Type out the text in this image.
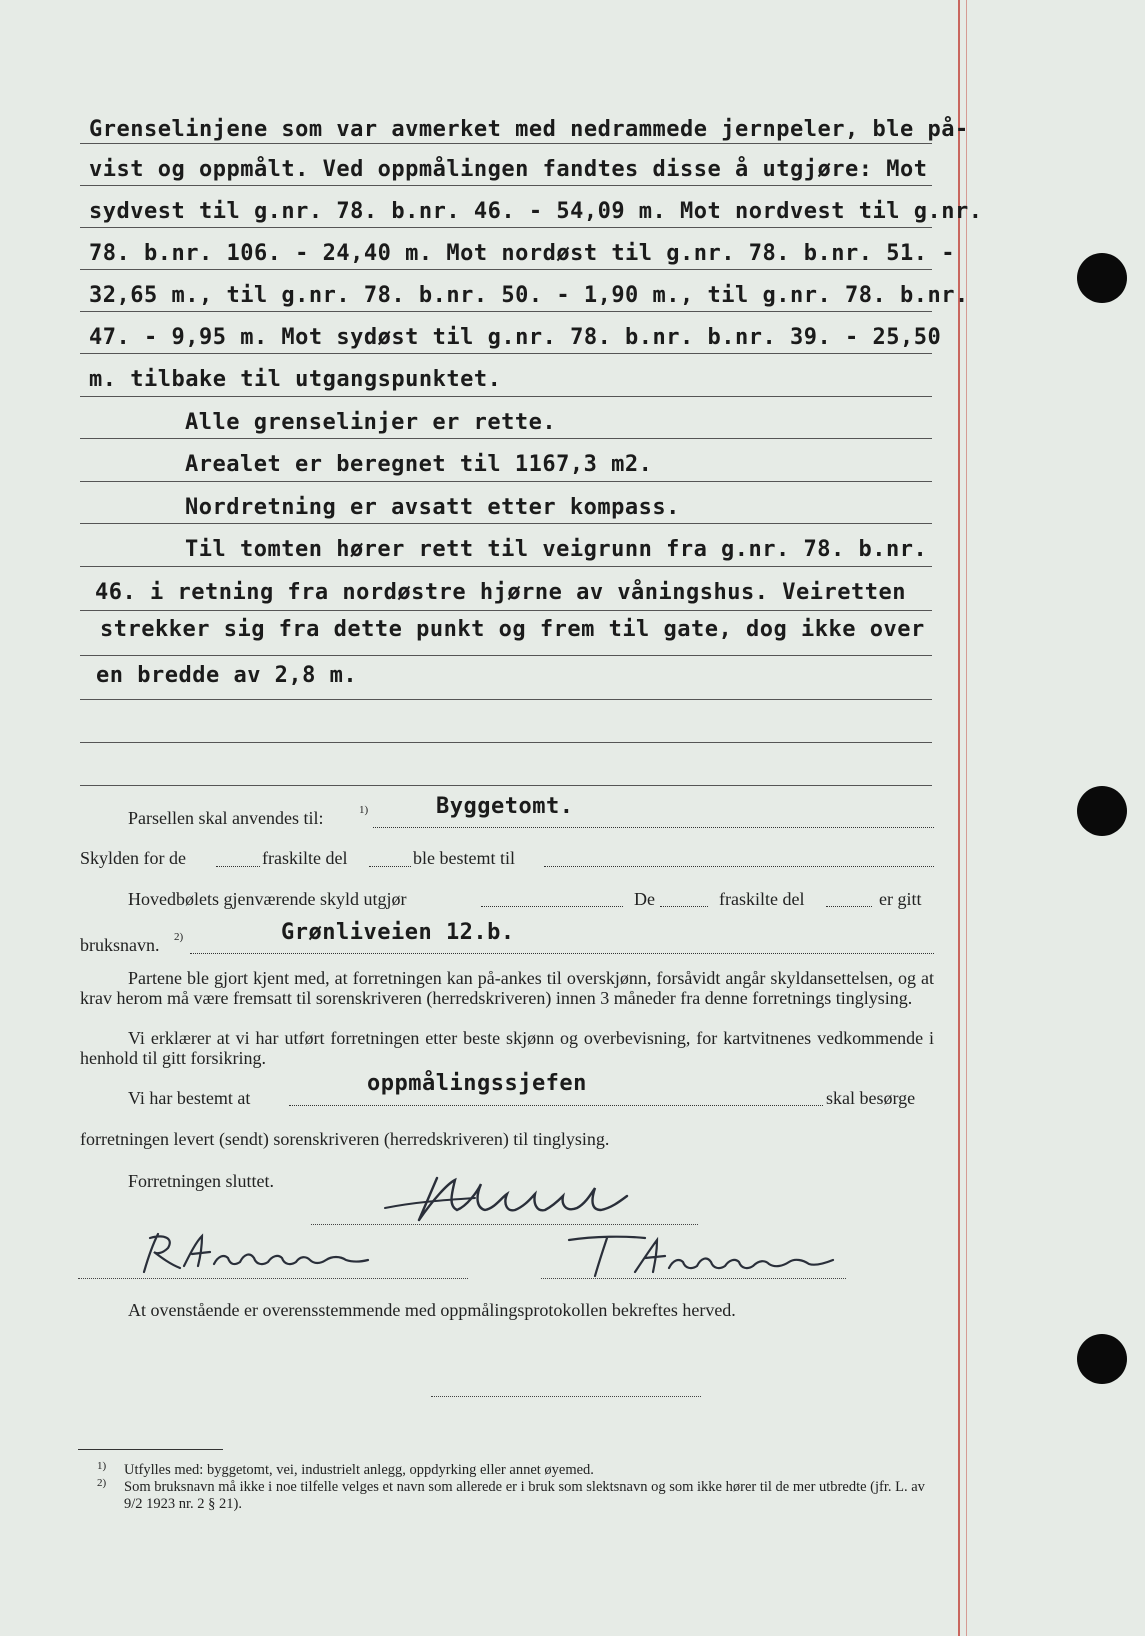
Grenselinjene som var avmerket med nedrammede jernpeler, ble på-
vist og oppmålt. Ved oppmålingen fandtes disse å utgjøre: Mot
sydvest til g.nr. 78. b.nr. 46. - 54,09 m. Mot nordvest til g.nr.
78. b.nr. 106. - 24,40 m. Mot nordøst til g.nr. 78. b.nr. 51. -
32,65 m., til g.nr. 78. b.nr. 50. - 1,90 m., til g.nr. 78. b.nr.
47. - 9,95 m. Mot sydøst til g.nr. 78. b.nr. b.nr. 39. - 25,50
m. tilbake til utgangspunktet.
Alle grenselinjer er rette.
Arealet er beregnet til 1167,3 m2.
Nordretning er avsatt etter kompass.
Til tomten hører rett til veigrunn fra g.nr. 78. b.nr.
46. i retning fra nordøstre hjørne av våningshus. Veiretten
strekker sig fra dette punkt og frem til gate, dog ikke over
en bredde av 2,8 m.
Parsellen skal anvendes til:	1)	Byggetomt.
Skylden for de	fraskilte del	ble bestemt til
Hovedbølets gjenværende skyld utgjør	De	fraskilte del	er gitt
bruksnavn. 2)	Grønliveien 12.b.
Partene ble gjort kjent med, at forretningen kan på-ankes til overskjønn, forsåvidt angår skyldansettelsen, og at krav herom må være fremsatt til sorenskriveren (herredskriveren) innen 3 måneder fra denne forretnings tinglysing.
Vi erklærer at vi har utført forretningen etter beste skjønn og overbevisning, for kartvitnenes vedkommende i henhold til gitt forsikring.
Vi har bestemt at
oppmålingssjefen
skal besørge
forretningen levert (sendt) sorenskriveren (herredskriveren) til tinglysing.
Forretningen sluttet.
A.Mandal
R.Andersson
T.Andersen
At ovenstående er overensstemmende med oppmålingsprotokollen bekreftes herved.
1) Utfylles med: byggetomt, vei, industrielt anlegg, oppdyrking eller annet øyemed.
2) Som bruksnavn må ikke i noe tilfelle velges et navn som allerede er i bruk som slektsnavn og som ikke hører til de mer utbredte (jfr. L. av 9/2 1923 nr. 2 § 21).
